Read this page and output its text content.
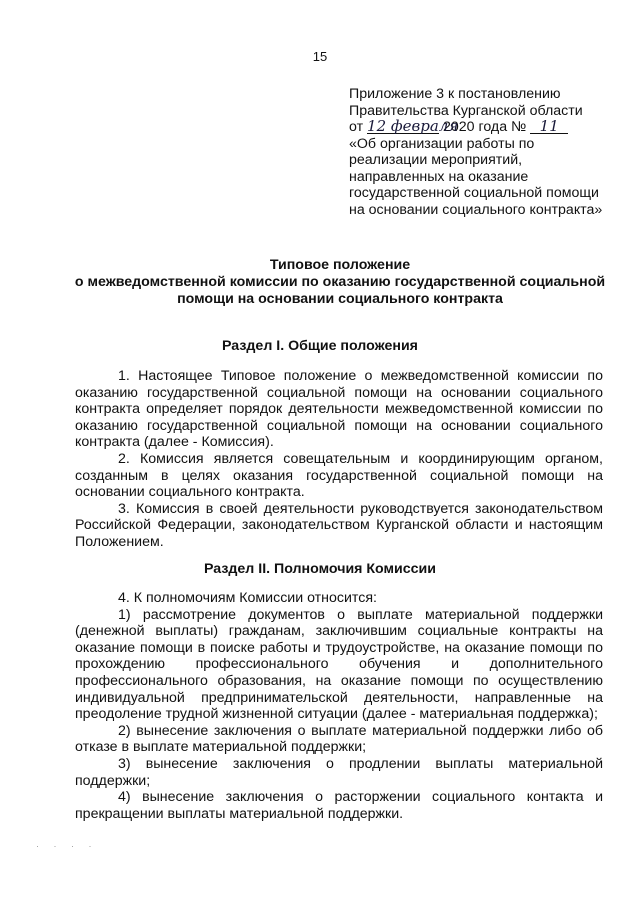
15
Приложение 3 к постановлению
Правительства Курганской области
от 12 февраля 2020 года № 11
«Об организации работы по
реализации мероприятий,
направленных на оказание
государственной социальной помощи
на основании социального контракта»
Типовое положение
о межведомственной комиссии по оказанию государственной социальной
помощи на основании социального контракта
Раздел I. Общие положения

1. Настоящее Типовое положение о межведомственной комиссии по оказанию государственной социальной помощи на основании социального контракта определяет порядок деятельности межведомственной комиссии по оказанию государственной социальной помощи на основании социального контракта (далее - Комиссия).

2. Комиссия является совещательным и координирующим органом, созданным в целях оказания государственной социальной помощи на основании социального контракта.

3. Комиссия в своей деятельности руководствуется законодательством Российской Федерации, законодательством Курганской области и настоящим Положением.

Раздел II. Полномочия Комиссии

4. К полномочиям Комиссии относится:

1) рассмотрение документов о выплате материальной поддержки (денежной выплаты) гражданам, заключившим социальные контракты на оказание помощи в поиске работы и трудоустройстве, на оказание помощи по прохождению профессионального обучения и дополнительного профессионального образования, на оказание помощи по осуществлению индивидуальной предпринимательской деятельности, направленные на преодоление трудной жизненной ситуации (далее - материальная поддержка);

2) вынесение заключения о выплате материальной поддержки либо об отказе в выплате материальной поддержки;

3) вынесение заключения о продлении выплаты материальной поддержки;

4) вынесение заключения о расторжении социального контакта и прекращении выплаты материальной поддержки.

· · · ·
